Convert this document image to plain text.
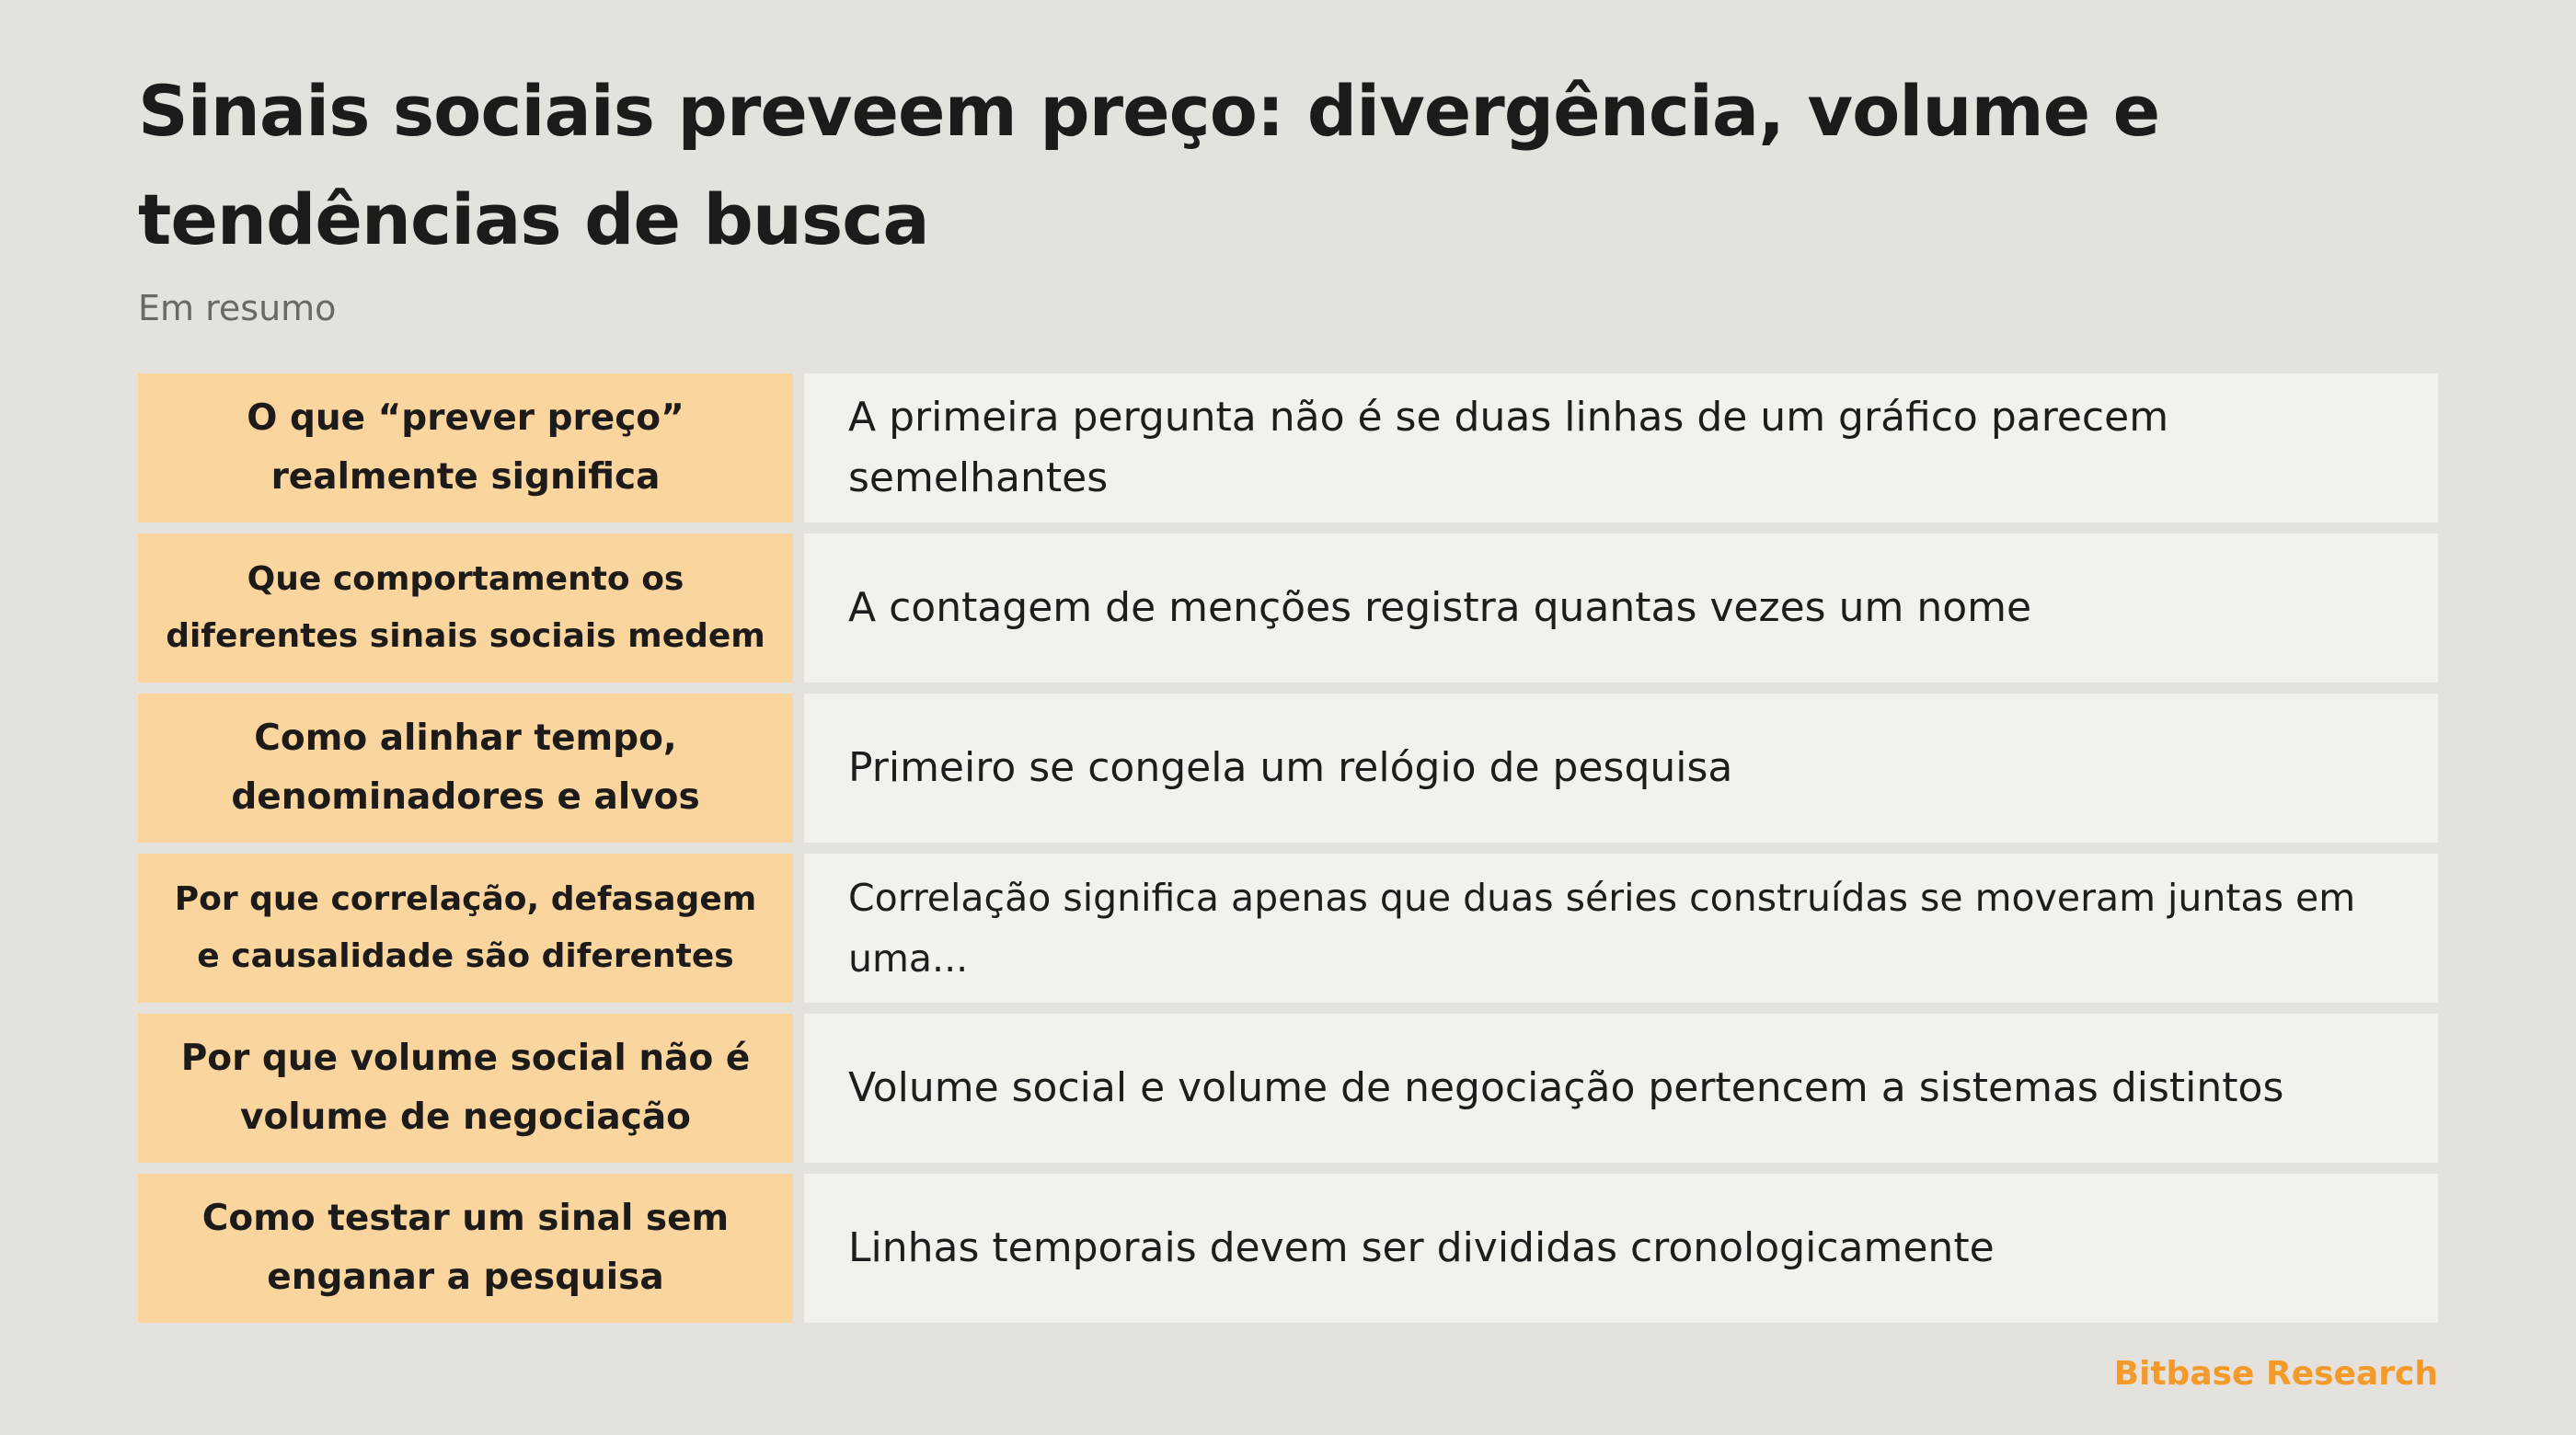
Sinais sociais preveem preço: divergência, volume e tendências de busca

Em resumo

O que “prever preço” realmente significa
A primeira pergunta não é se duas linhas de um gráfico parecem semelhantes
Que comportamento os diferentes sinais sociais medem
A contagem de menções registra quantas vezes um nome
Como alinhar tempo, denominadores e alvos
Primeiro se congela um relógio de pesquisa
Por que correlação, defasagem e causalidade são diferentes
Correlação significa apenas que duas séries construídas se moveram juntas em uma...
Por que volume social não é volume de negociação
Volume social e volume de negociação pertencem a sistemas distintos
Como testar um sinal sem enganar a pesquisa
Linhas temporais devem ser divididas cronologicamente

Bitbase Research
